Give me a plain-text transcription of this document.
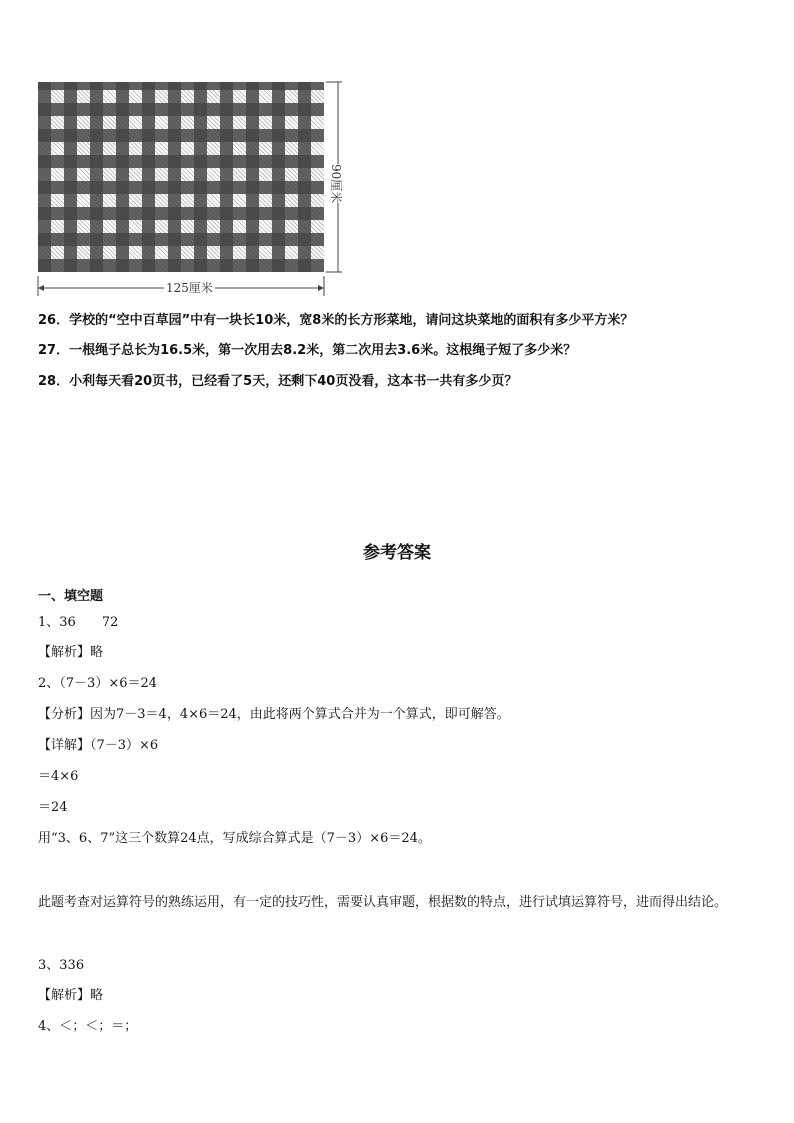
125厘米
90厘米
26．学校的“空中百草园”中有一块长10米，宽8米的长方形菜地，请问这块菜地的面积有多少平方米？
27．一根绳子总长为16.5米，第一次用去8.2米，第二次用去3.6米。这根绳子短了多少米？
28．小利每天看20页书，已经看了5天，还剩下40页没看，这本书一共有多少页？
参考答案
一、填空题
1、36　　72
【解析】略
2、（7－3）×6＝24
【分析】因为7－3＝4，4×6＝24，由此将两个算式合并为一个算式，即可解答。
【详解】（7－3）×6
＝4×6
＝24
用“3、6、7”这三个数算24点，写成综合算式是（7－3）×6＝24。
此题考查对运算符号的熟练运用，有一定的技巧性，需要认真审题，根据数的特点，进行试填运算符号，进而得出结论。
3、336
【解析】略
4、＜；＜；＝；
